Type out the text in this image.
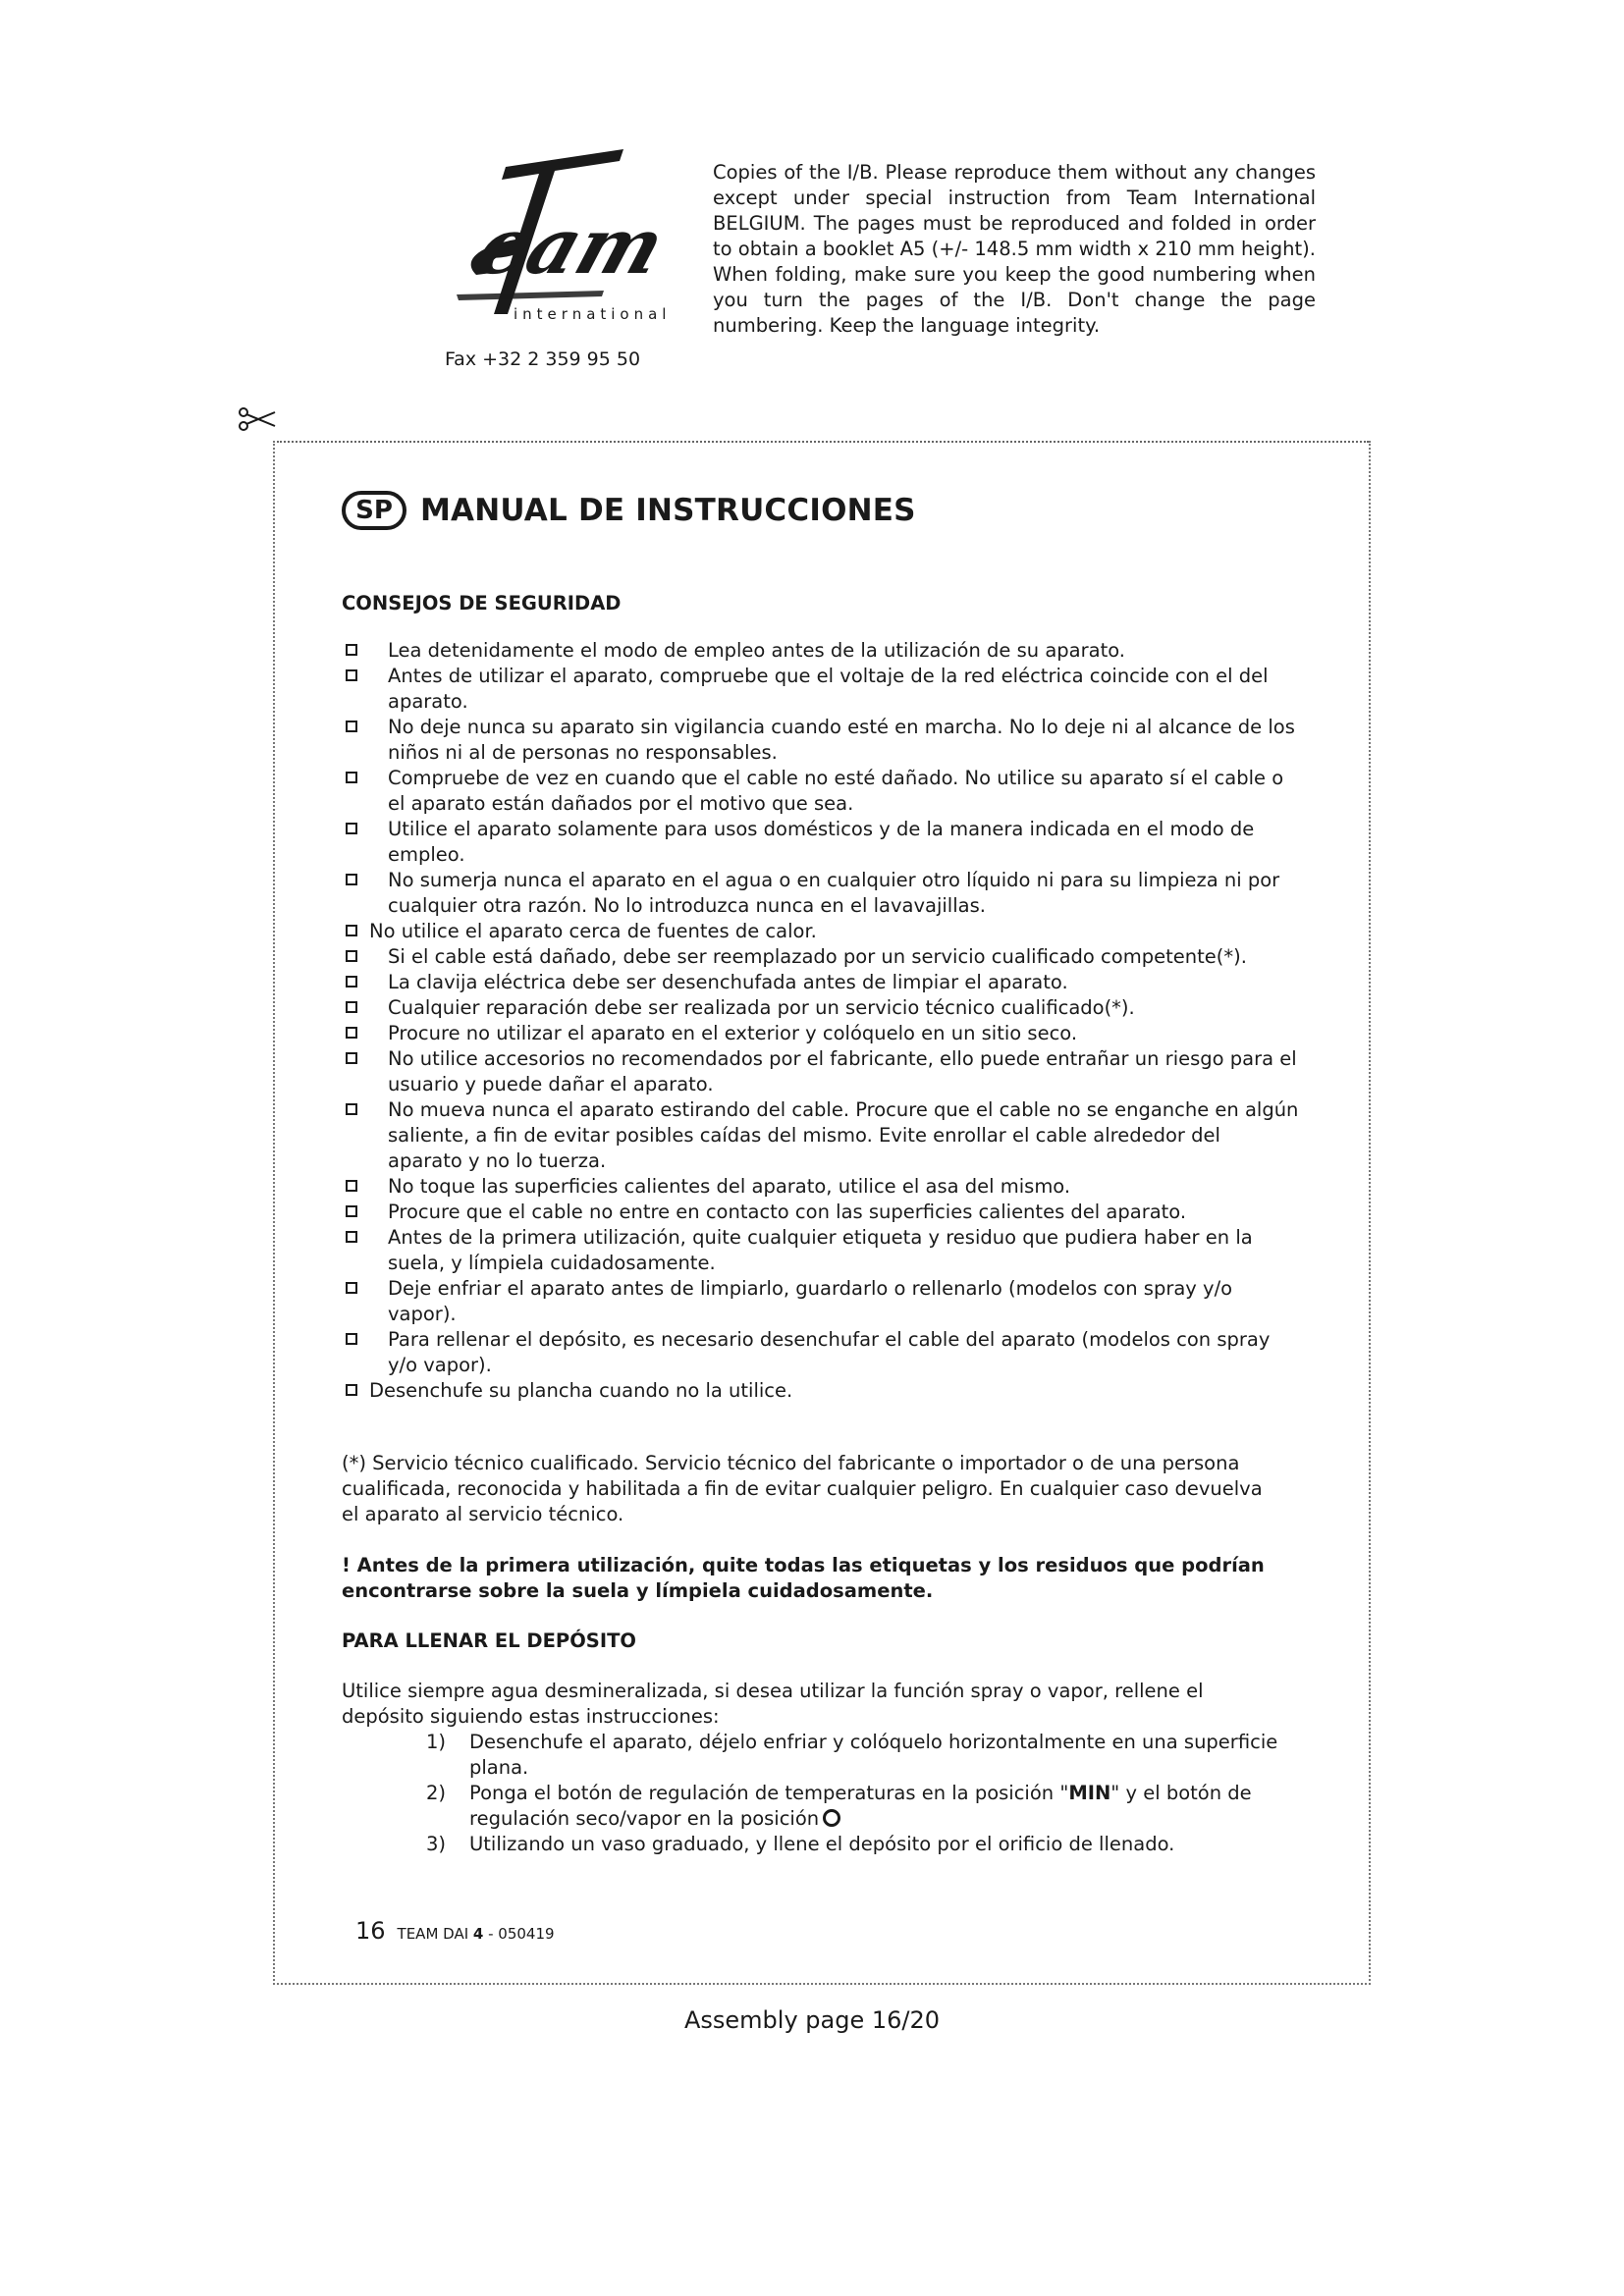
eam
international
Fax +32 2 359 95 50
Copies of the I/B. Please reproduce them without any changes except under special instruction from Team International BELGIUM. The pages must be reproduced and folded in order to obtain a booklet A5 (+/- 148.5 mm width x 210 mm height). When folding, make sure you keep the good numbering when you turn the pages of the I/B. Don't change the page numbering. Keep the language integrity.
SP MANUAL DE INSTRUCCIONES
CONSEJOS DE SEGURIDAD
Lea detenidamente el modo de empleo antes de la utilización de su aparato.
Antes de utilizar el aparato, compruebe que el voltaje de la red eléctrica coincide con el del aparato.
No deje nunca su aparato sin vigilancia cuando esté en marcha. No lo deje ni al alcance de los niños ni al de personas no responsables.
Compruebe de vez en cuando que el cable no esté dañado. No utilice su aparato sí el cable o el aparato están dañados por el motivo que sea.
Utilice el aparato solamente para usos domésticos y de la manera indicada en el modo de empleo.
No sumerja nunca el aparato en el agua o en cualquier otro líquido ni para su limpieza ni por cualquier otra razón. No lo introduzca nunca en el lavavajillas.
No utilice el aparato cerca de fuentes de calor.
Si el cable está dañado, debe ser reemplazado por un servicio cualificado competente(*).
La clavija eléctrica debe ser desenchufada antes de limpiar el aparato.
Cualquier reparación debe ser realizada por un servicio técnico cualificado(*).
Procure no utilizar el aparato en el exterior y colóquelo en un sitio seco.
No utilice accesorios no recomendados por el fabricante, ello puede entrañar un riesgo para el usuario y puede dañar el aparato.
No mueva nunca el aparato estirando del cable. Procure que el cable no se enganche en algún saliente, a fin de evitar posibles caídas del mismo. Evite enrollar el cable alrededor del aparato y no lo tuerza.
No toque las superficies calientes del aparato, utilice el asa del mismo.
Procure que el cable no entre en contacto con las superficies calientes del aparato.
Antes de la primera utilización, quite cualquier etiqueta y residuo que pudiera haber en la suela, y límpiela cuidadosamente.
Deje enfriar el aparato antes de limpiarlo, guardarlo o rellenarlo (modelos con spray y/o vapor).
Para rellenar el depósito, es necesario desenchufar el cable del aparato (modelos con spray y/o vapor).
Desenchufe su plancha cuando no la utilice.
(*) Servicio técnico cualificado. Servicio técnico del fabricante o importador o de una persona cualificada, reconocida y habilitada a fin de evitar cualquier peligro. En cualquier caso devuelva el aparato al servicio técnico.
! Antes de la primera utilización, quite todas las etiquetas y los residuos que podrían encontrarse sobre la suela y límpiela cuidadosamente.
PARA LLENAR EL DEPÓSITO
Utilice siempre agua desmineralizada, si desea utilizar la función spray o vapor, rellene el depósito siguiendo estas instrucciones:
1) Desenchufe el aparato, déjelo enfriar y colóquelo horizontalmente en una superficie plana.
2) Ponga el botón de regulación de temperaturas en la posición "MIN" y el botón de regulación seco/vapor en la posición
3) Utilizando un vaso graduado, y llene el depósito por el orificio de llenado.
16 TEAM DAI 4 - 050419
Assembly page 16/20
